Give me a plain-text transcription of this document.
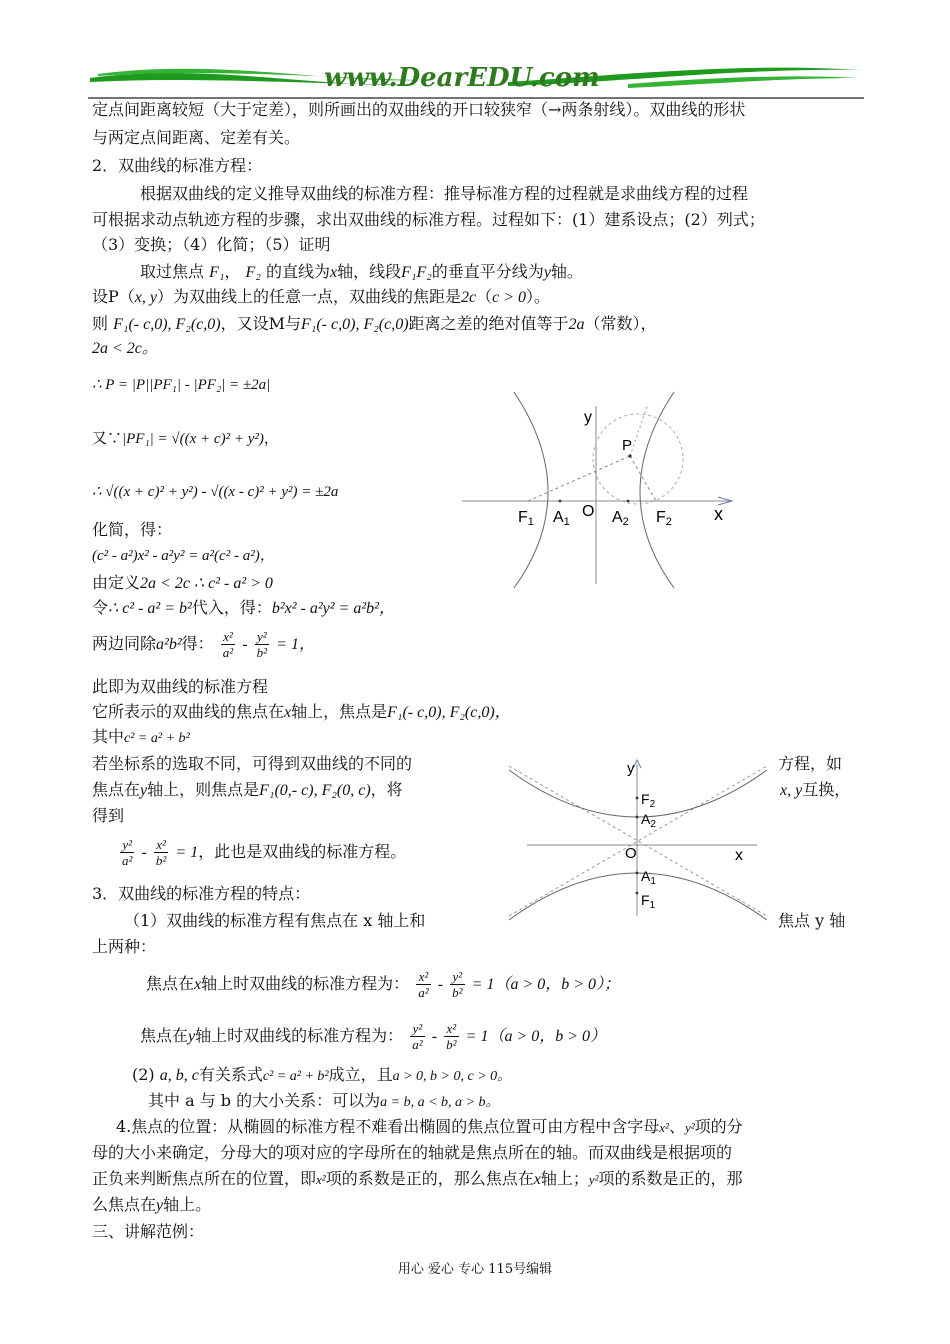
www.DearEDU.com
定点间距离较短（大于定差），则所画出的双曲线的开口较狭窄（→两条射线）。双曲线的形状
与两定点间距离、定差有关。
2．双曲线的标准方程：
根据双曲线的定义推导双曲线的标准方程：推导标准方程的过程就是求曲线方程的过程
可根据求动点轨迹方程的步骤，求出双曲线的标准方程。过程如下：(1）建系设点；(2）列式；
（3）变换；（4）化简；（5）证明
取过焦点 F₁， F₂ 的直线为x轴，线段F₁F₂的垂直平分线为y轴。
设P（x, y）为双曲线上的任意一点，双曲线的焦距是2c（c > 0）。
则 F₁(- c,0), F₂(c,0)，又设M与F₁(- c,0), F₂(c,0)距离之差的绝对值等于2a（常数），
2a < 2c。
∴ P = |P||PF₁| - |PF₂| = ±2a|
又∵|PF₁| = √((x + c)² + y²)，
∴ √((x + c)² + y²) - √((x - c)² + y²) = ±2a
化简，得：
(c² - a²)x² - a²y² = a²(c² - a²)，
由定义2a < 2c ∴ c² - a² > 0
令∴ c² - a² = b²代入，得：b²x² - a²y² = a²b²，
两边同除a²b²得： $\frac{\text{x²}}{\text{a²}} - \frac{\text{y²}}{\text{b²}} = 1$，
此即为双曲线的标准方程
它所表示的双曲线的焦点在x轴上，焦点是F₁(- c,0), F₂(c,0)，
其中c² = a² + b²
若坐标系的选取不同，可得到双曲线的不同的	方程，如
焦点在y轴上，则焦点是F₁(0,- c), F₂(0, c)，将	x, y互换，
得到
$\frac{\text{y²}}{\text{a²}} - \frac{\text{x²}}{\text{b²}} = 1$，此也是双曲线的标准方程。
3．双曲线的标准方程的特点：
（1）双曲线的标准方程有焦点在 x 轴上和	焦点 y 轴
上两种：
焦点在x轴上时双曲线的标准方程为： $\frac{\text{x²}}{\text{a²}} - \frac{\text{y²}}{\text{b²}} = 1(a > 0$，b > 0）；
焦点在y轴上时双曲线的标准方程为： $\frac{\text{y²}}{\text{a²}} - \frac{\text{x²}}{\text{b²}} = 1(a > 0$，b > 0）
(2) a, b, c有关系式c² = a² + b²成立，且a > 0, b > 0, c > 0。
其中 a 与 b 的大小关系：可以为a = b, a < b, a > b。
4.焦点的位置：从椭圆的标准方程不难看出椭圆的焦点位置可由方程中含字母x²、y²项的分
母的大小来确定，分母大的项对应的字母所在的轴就是焦点所在的轴。而双曲线是根据项的
正负来判断焦点所在的位置，即x²项的系数是正的，那么焦点在x轴上；y²项的系数是正的，那
么焦点在y轴上。
三、讲解范例：
y
P
F1 A1
O A2 F2 x
y
$F_2$
$A_2$
O	x
$A_1$
$F_1$
用心 爱心 专心 115号编辑
